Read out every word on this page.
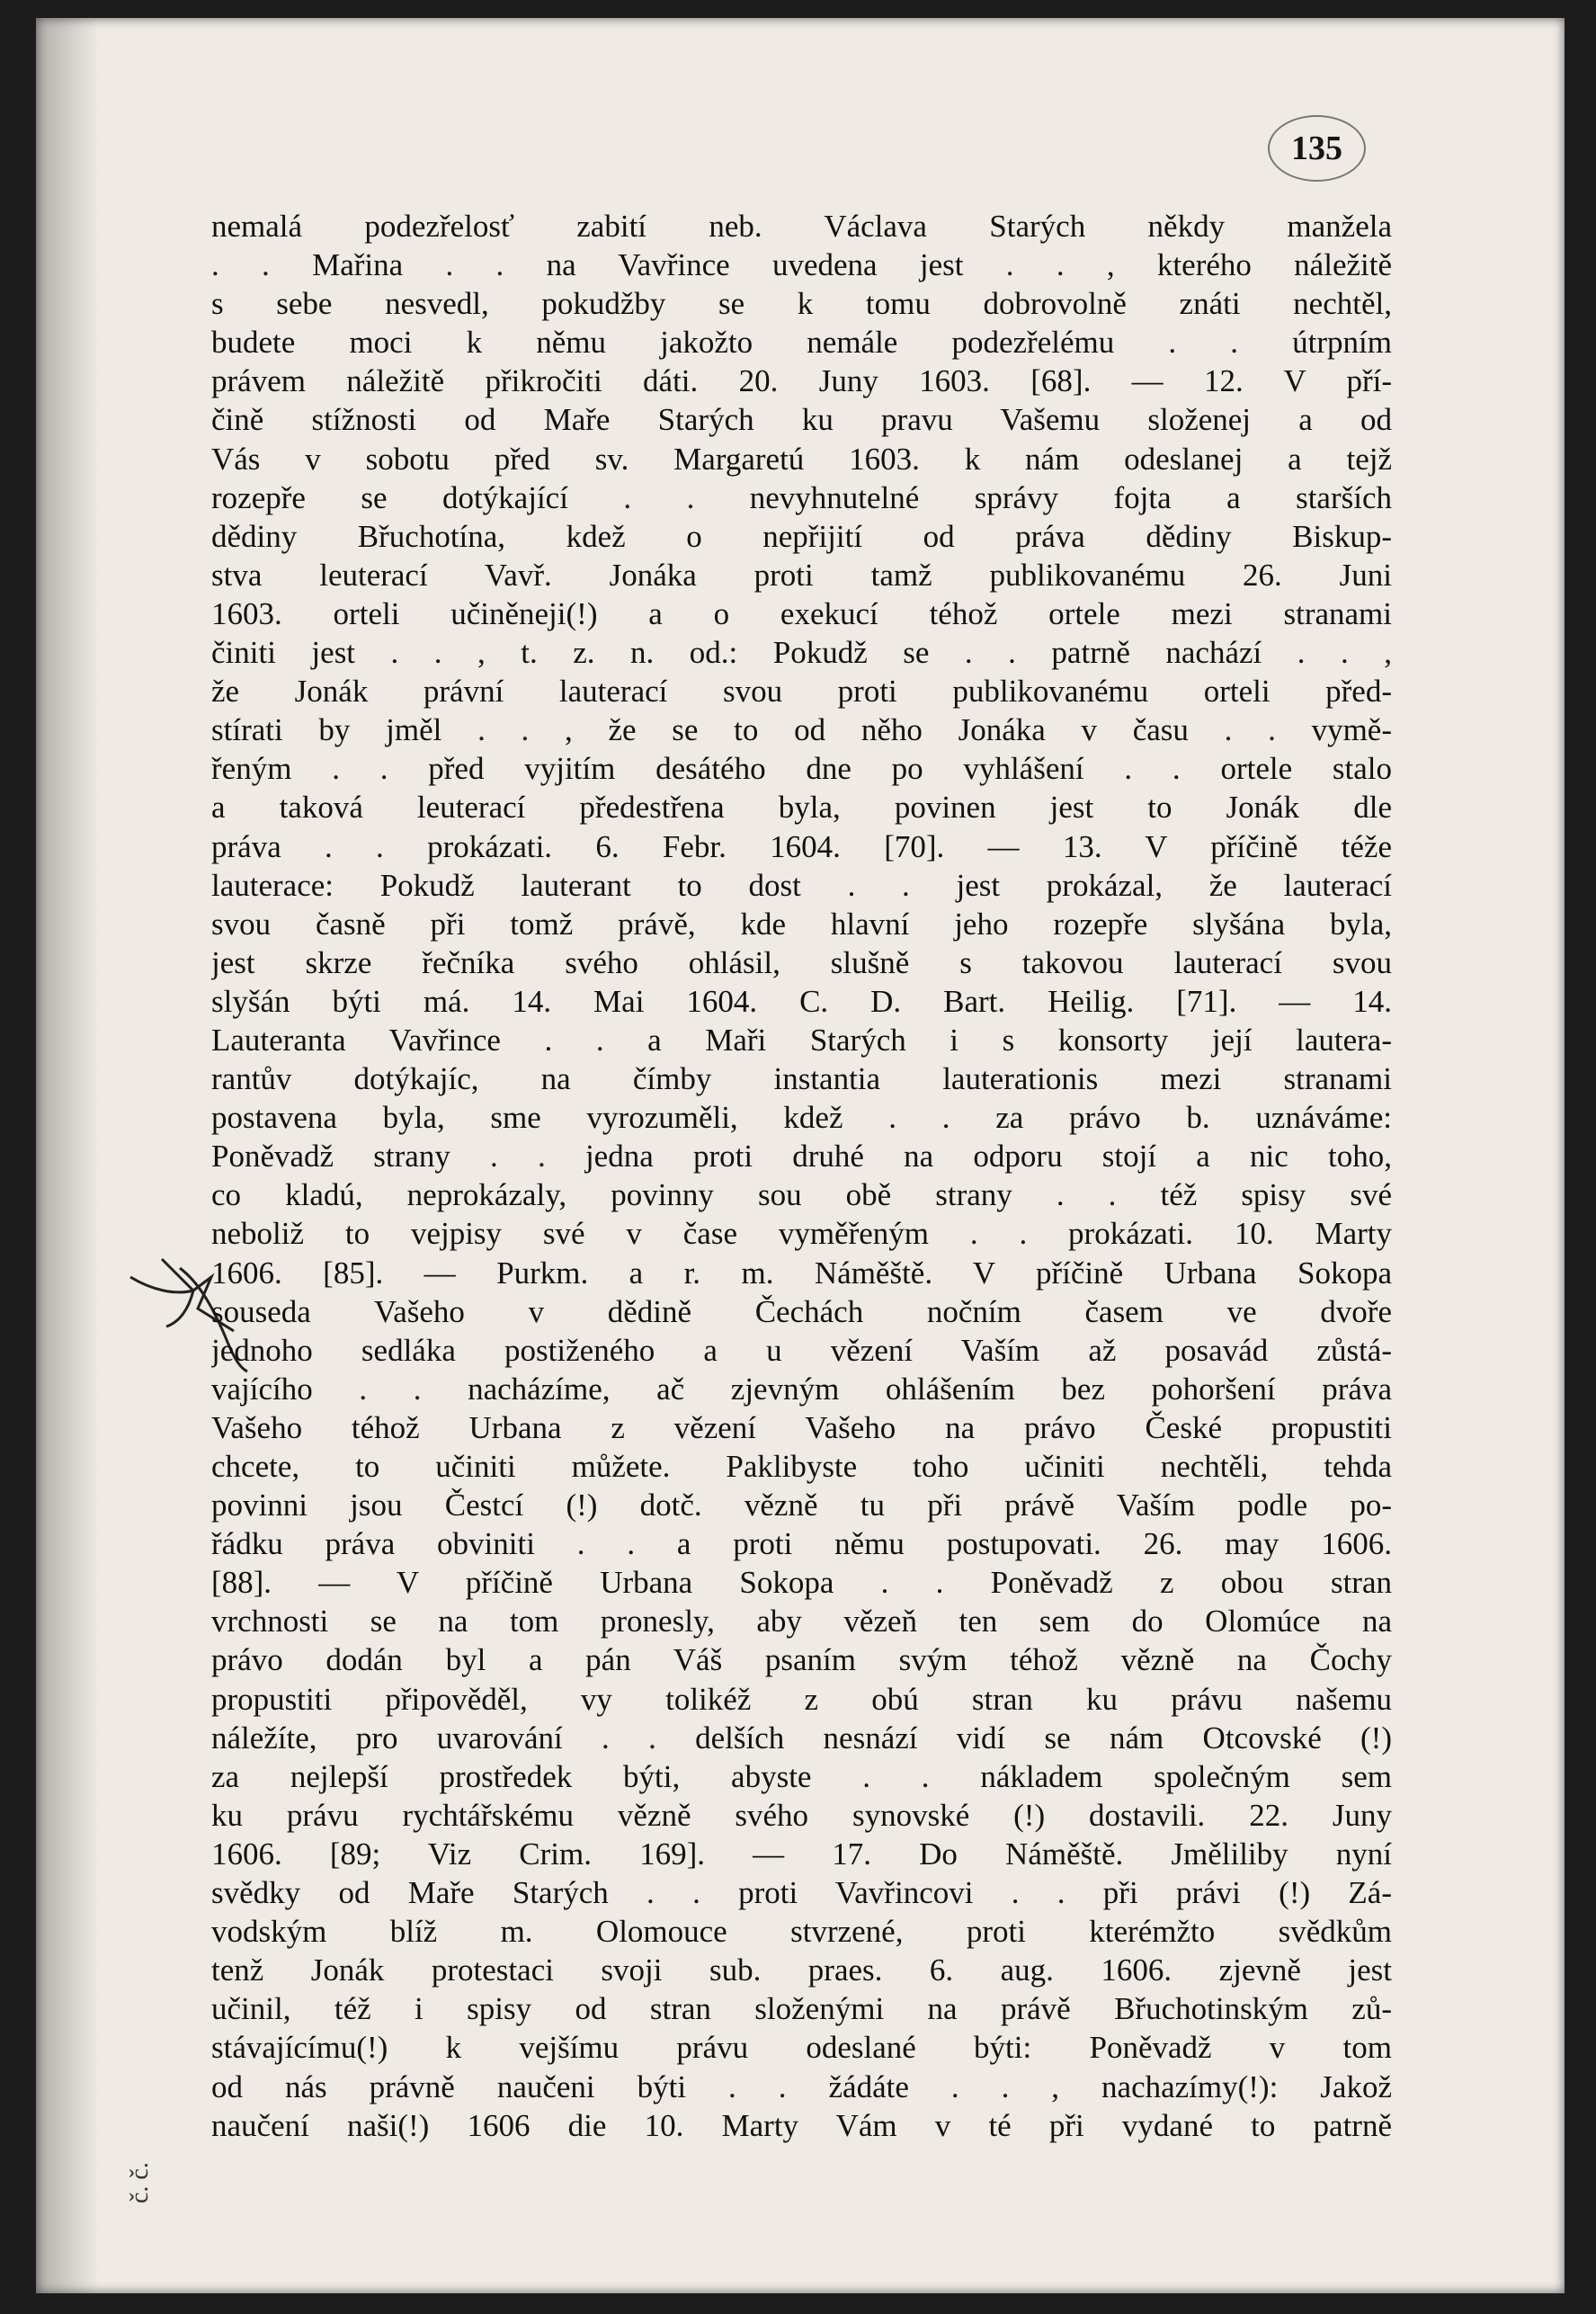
135
č. č.
nemalá podezřelosť zabití neb. Václava Starých někdy manžela
. . Mařina . . na Vavřince uvedena jest . . , kterého náležitě
s sebe nesvedl, pokudžby se k tomu dobrovolně znáti nechtěl,
budete moci k němu jakožto nemále podezřelému . . útrpním
právem náležitě přikročiti dáti. 20. Juny 1603. [68]. — 12. V pří-
čině stížnosti od Maře Starých ku pravu Vašemu složenej a od
Vás v sobotu před sv. Margaretú 1603. k nám odeslanej a tejž
rozepře se dotýkající . . nevyhnutelné správy fojta a starších
dědiny Břuchotína, kdež o nepřijití od práva dědiny Biskup-
stva leuterací Vavř. Jonáka proti tamž publikovanému 26. Juni
1603. orteli učiněneji(!) a o exekucí téhož ortele mezi stranami
činiti jest . . , t. z. n. od.: Pokudž se . . patrně nachází . . ,
že Jonák právní lauterací svou proti publikovanému orteli před-
stírati by jměl . . , že se to od něho Jonáka v času . . vymě-
řeným . . před vyjitím desátého dne po vyhlášení . . ortele stalo
a taková leuterací předestřena byla, povinen jest to Jonák dle
práva . . prokázati. 6. Febr. 1604. [70]. — 13. V příčině téže
lauterace: Pokudž lauterant to dost . . jest prokázal, že lauterací
svou časně při tomž právě, kde hlavní jeho rozepře slyšána byla,
jest skrze řečníka svého ohlásil, slušně s takovou lauterací svou
slyšán býti má. 14. Mai 1604. C. D. Bart. Heilig. [71]. — 14.
Lauteranta Vavřince . . a Maři Starých i s konsorty její lautera-
rantův dotýkajíc, na čímby instantia lauterationis mezi stranami
postavena byla, sme vyrozuměli, kdež . . za právo b. uznáváme:
Poněvadž strany . . jedna proti druhé na odporu stojí a nic toho,
co kladú, neprokázaly, povinny sou obě strany . . též spisy své
neboliž to vejpisy své v čase vyměřeným . . prokázati. 10. Marty
1606. [85]. — Purkm. a r. m. Náměště. V příčině Urbana Sokopa
souseda Vašeho v dědině Čechách nočním časem ve dvoře
jednoho sedláka postiženého a u vězení Vaším až posavád zůstá-
vajícího . . nacházíme, ač zjevným ohlášením bez pohoršení práva
Vašeho téhož Urbana z vězení Vašeho na právo České propustiti
chcete, to učiniti můžete. Paklibyste toho učiniti nechtěli, tehda
povinni jsou Čestcí (!) dotč. vězně tu při právě Vaším podle po-
řádku práva obviniti . . a proti němu postupovati. 26. may 1606.
[88]. — V příčině Urbana Sokopa . . Poněvadž z obou stran
vrchnosti se na tom pronesly, aby vězeň ten sem do Olomúce na
právo dodán byl a pán Váš psaním svým téhož vězně na Čochy
propustiti připověděl, vy tolikéž z obú stran ku právu našemu
náležíte, pro uvarování . . delších nesnází vidí se nám Otcovské (!)
za nejlepší prostředek býti, abyste . . nákladem společným sem
ku právu rychtářskému vězně svého synovské (!) dostavili. 22. Juny
1606. [89; Viz Crim. 169]. — 17. Do Náměště. Jměliliby nyní
svědky od Maře Starých . . proti Vavřincovi . . při právi (!) Zá-
vodským blíž m. Olomouce stvrzené, proti kterémžto svědkům
tenž Jonák protestaci svoji sub. praes. 6. aug. 1606. zjevně jest
učinil, též i spisy od stran složenými na právě Břuchotinským zů-
stávajícímu(!) k vejšímu právu odeslané býti: Poněvadž v tom
od nás právně naučeni býti . . žádáte . . , nachazímy(!): Jakož
naučení naši(!) 1606 die 10. Marty Vám v té při vydané to patrně
